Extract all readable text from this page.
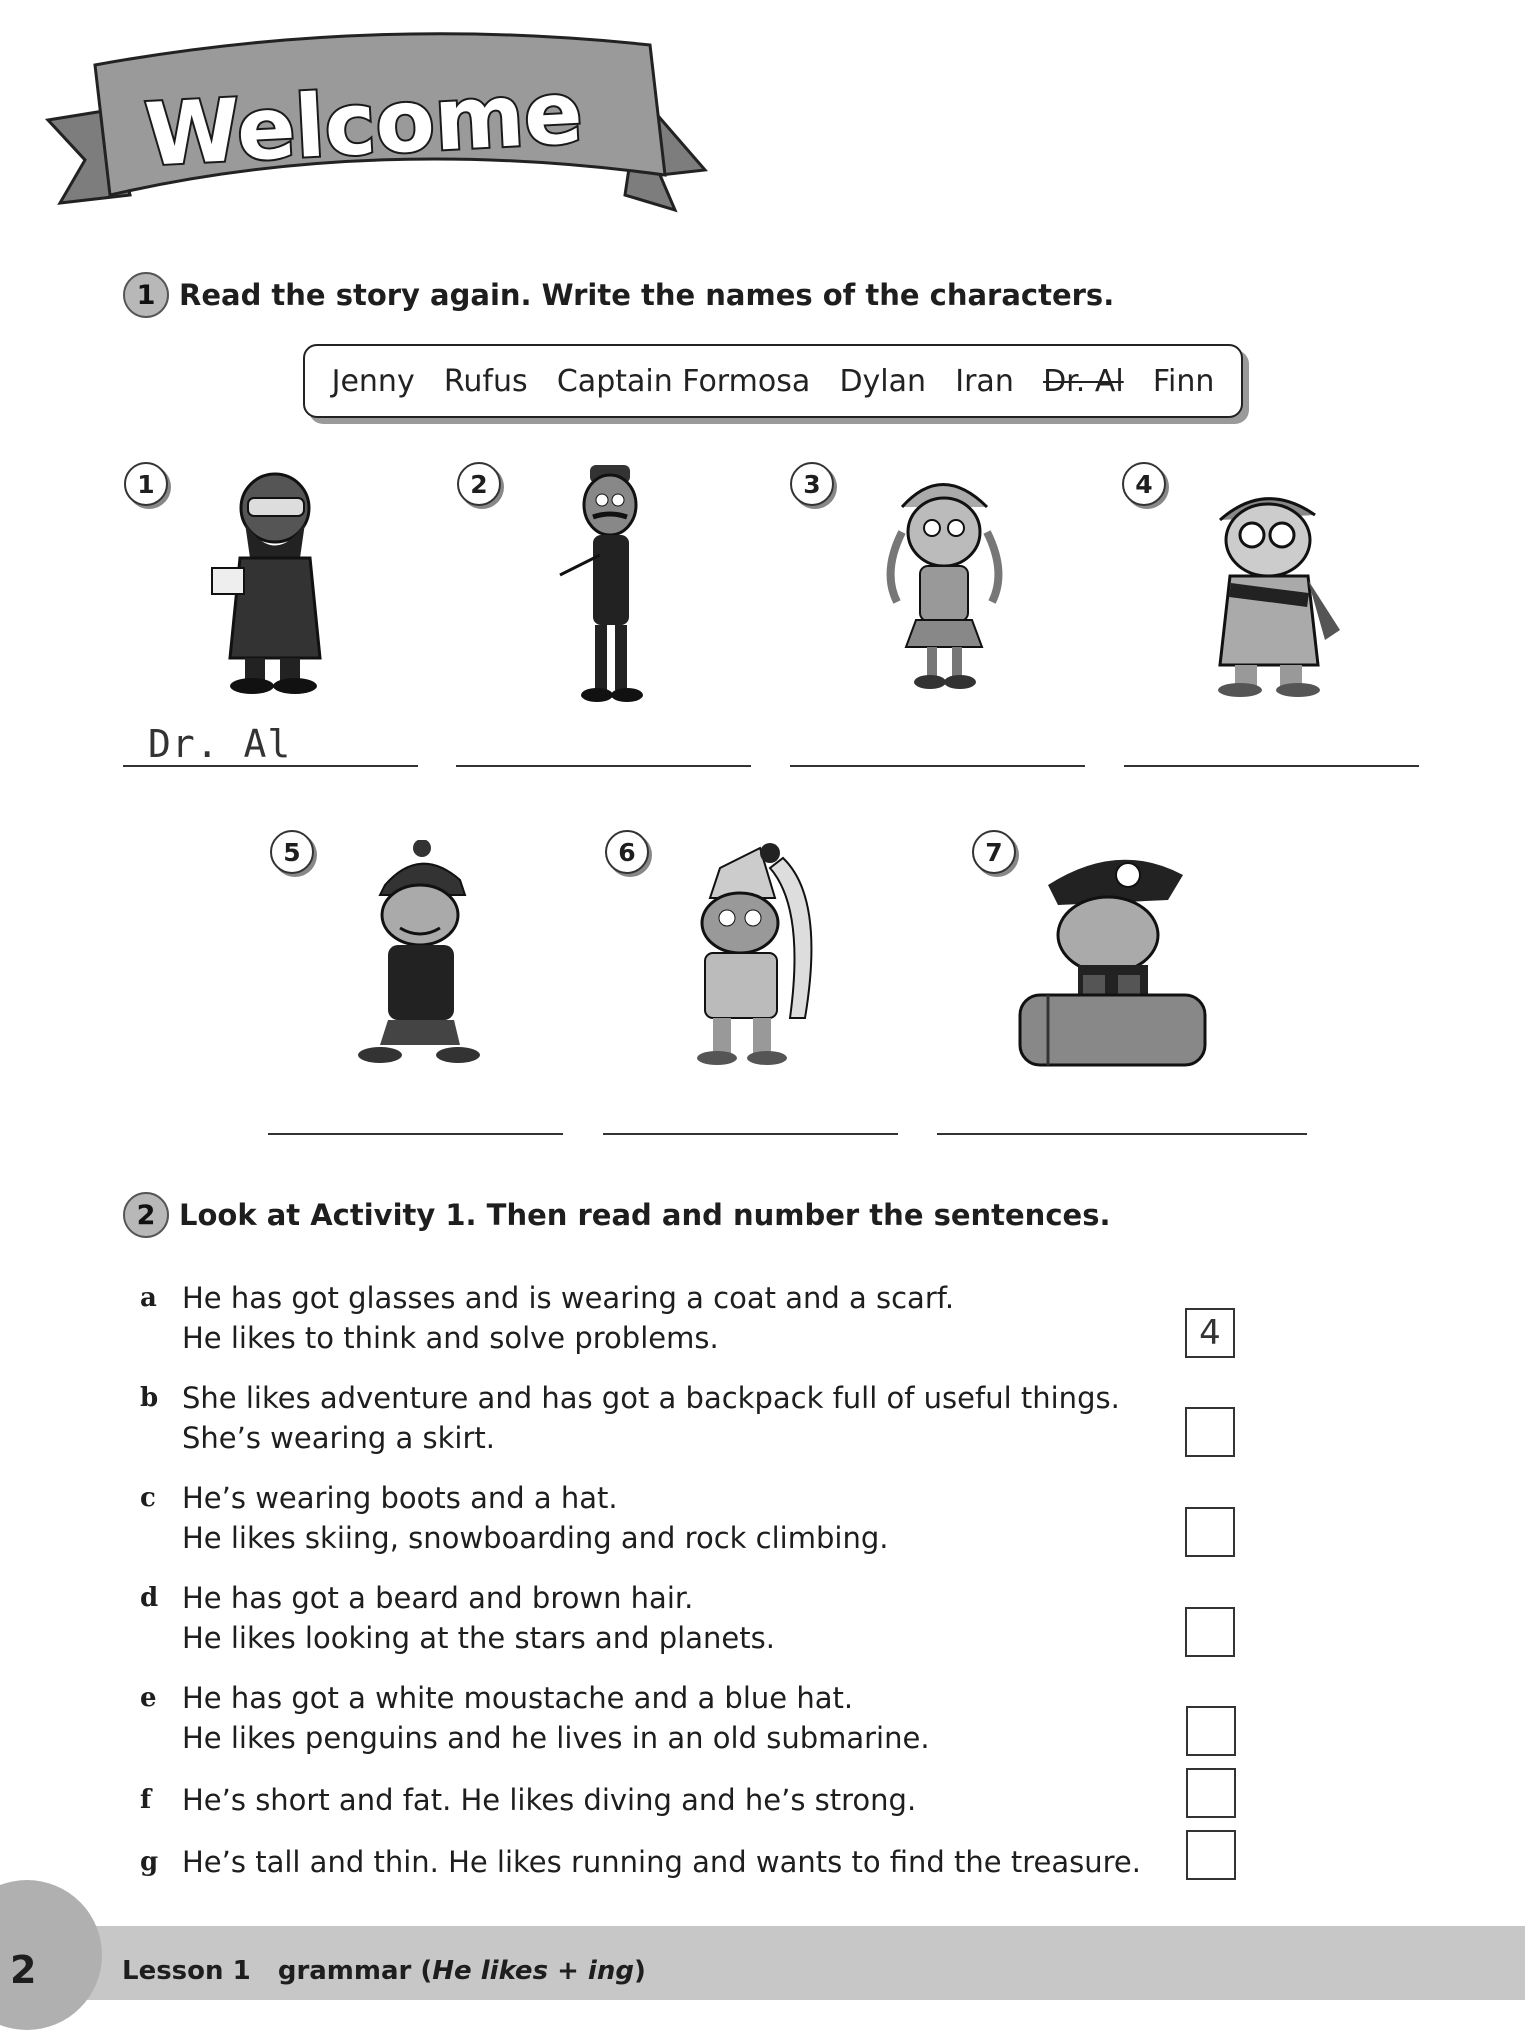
Welcome
1 Read the story again. Write the names of the characters.
Jenny Rufus Captain Formosa Dylan Iran Dr. Al Finn
1	2	3	4
Dr. Al
5	6	7
2 Look at Activity 1. Then read and number the sentences.
a He has got glasses and is wearing a coat and a scarf.
He likes to think and solve problems.	4
b She likes adventure and has got a backpack full of useful things.
She’s wearing a skirt.
c He’s wearing boots and a hat.
He likes skiing, snowboarding and rock climbing.
d He has got a beard and brown hair.
He likes looking at the stars and planets.
e He has got a white moustache and a blue hat.
He likes penguins and he lives in an old submarine.
f He’s short and fat. He likes diving and he’s strong.
g He’s tall and thin. He likes running and wants to find the treasure.
2	Lesson 1 grammar (He likes + ing)
